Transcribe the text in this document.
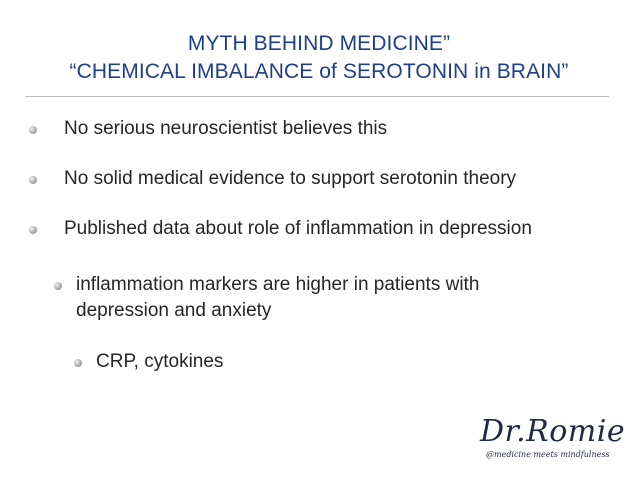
MYTH BEHIND MEDICINE”
“CHEMICAL IMBALANCE of SEROTONIN in BRAIN”
No serious neuroscientist believes this
No solid medical evidence to support serotonin theory
Published data about role of inflammation in depression
inflammation markers are higher in patients with
depression and anxiety
CRP, cytokines
Dr.Romie
@medicine meets mindfulness
